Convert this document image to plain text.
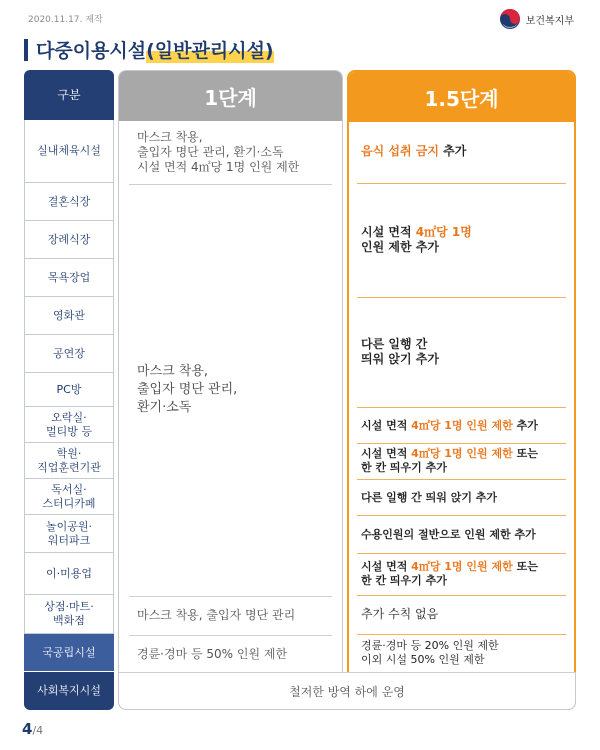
2020.11.17. 제작	보건복지부
다중이용시설 (일반관리시설)
구분
실내체육시설
결혼식장
장례식장
목욕장업
영화관
공연장
PC방
오락실·
멀티방 등
학원·
직업훈련기관
독서실·
스터디카페
놀이공원·
워터파크
이·미용업
상점·마트·
백화점
국공립시설
사회복지시설
1단계
마스크 착용,
출입자 명단 관리, 환기·소독
시설 면적 4㎡당 1명 인원 제한
마스크 착용,
출입자 명단 관리,
환기·소독
마스크 착용, 출입자 명단 관리
경륜·경마 등 50% 인원 제한
1.5단계
음식 섭취 금지 추가
시설 면적 4㎡당 1명
인원 제한 추가
다른 일행 간
띄워 앉기 추가
시설 면적 4㎡당 1명 인원 제한 추가
시설 면적 4㎡당 1명 인원 제한 또는
한 칸 띄우기 추가
다른 일행 간 띄워 앉기 추가
수용인원의 절반으로 인원 제한 추가
시설 면적 4㎡당 1명 인원 제한 또는
한 칸 띄우기 추가
추가 수칙 없음
경륜·경마 등 20% 인원 제한
이외 시설 50% 인원 제한
철저한 방역 하에 운영
4/4
